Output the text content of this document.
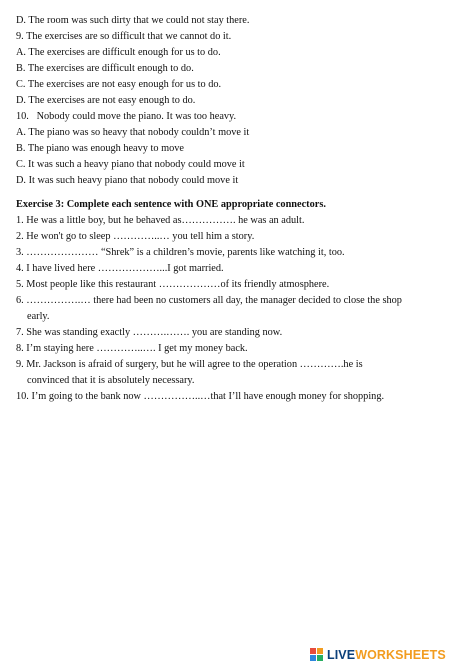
D. The room was such dirty that we could not stay there.
9. The exercises are so difficult that we cannot do it.
A. The exercises are difficult enough for us to do.
B. The exercises are difficult enough to do.
C. The exercises are not easy enough for us to do.
D. The exercises are not easy enough to do.
10.   Nobody could move the piano. It was too heavy.
A. The piano was so heavy that nobody couldn’t move it
B. The piano was enough heavy to move
C. It was such a heavy piano that nobody could move it
D. It was such heavy piano that nobody could move it
Exercise 3: Complete each sentence with ONE appropriate connectors.
1. He was a little boy, but he behaved as……………. he was an adult.
2. He won't go to sleep …………..… you tell him a story.
3. ………………… “Shrek” is a children’s movie, parents like watching it, too.
4. I have lived here ………………...I got married.
5. Most people like this restaurant ………………of its friendly atmosphere.
6. …………….… there had been no customers all day, the manager decided to close the shop
early.
7. She was standing exactly ……….……. you are standing now.
8. I’m staying here …………..…. I get my money back.
9. Mr. Jackson is afraid of surgery, but he will agree to the operation ………….he is
convinced that it is absolutely necessary.
10. I’m going to the bank now ……………..…that I’ll have enough money for shopping.
LIVE WORKSHEETS
